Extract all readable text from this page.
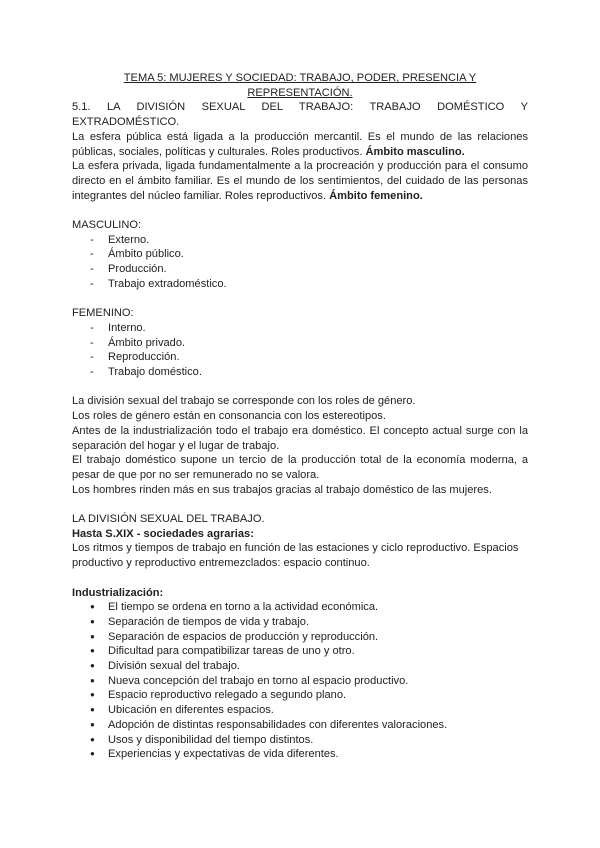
TEMA 5: MUJERES Y SOCIEDAD: TRABAJO, PODER, PRESENCIA Y

REPRESENTACIÓN.

5.1. LA DIVISIÓN SEXUAL DEL TRABAJO: TRABAJO DOMÉSTICO Y

EXTRADOMÉSTICO.

La esfera pública está ligada a la producción mercantil. Es el mundo de las relaciones públicas, sociales, políticas y culturales. Roles productivos. Ámbito masculino.

La esfera privada, ligada fundamentalmente a la procreación y producción para el consumo directo en el ámbito familiar. Es el mundo de los sentimientos, del cuidado de las personas integrantes del núcleo familiar. Roles reproductivos. Ámbito femenino.

MASCULINO:

- Externo.
- Ámbito público.
- Producción.
- Trabajo extradoméstico.

FEMENINO:

- Interno.
- Ámbito privado.
- Reproducción.
- Trabajo doméstico.

La división sexual del trabajo se corresponde con los roles de género.

Los roles de género están en consonancia con los estereotipos.

Antes de la industrialización todo el trabajo era doméstico. El concepto actual surge con la separación del hogar y el lugar de trabajo.

El trabajo doméstico supone un tercio de la producción total de la economía moderna, a pesar de que por no ser remunerado no se valora.

Los hombres rinden más en sus trabajos gracias al trabajo doméstico de las mujeres.

LA DIVISIÓN SEXUAL DEL TRABAJO.

Hasta S.XIX - sociedades agrarias:

Los ritmos y tiempos de trabajo en función de las estaciones y ciclo reproductivo. Espacios productivo y reproductivo entremezclados: espacio continuo.

Industrialización:

● El tiempo se ordena en torno a la actividad económica.
● Separación de tiempos de vida y trabajo.
● Separación de espacios de producción y reproducción.
● Dificultad para compatibilizar tareas de uno y otro.
● División sexual del trabajo.
● Nueva concepción del trabajo en torno al espacio productivo.
● Espacio reproductivo relegado a segundo plano.
● Ubicación en diferentes espacios.
● Adopción de distintas responsabilidades con diferentes valoraciones.
● Usos y disponibilidad del tiempo distintos.
● Experiencias y expectativas de vida diferentes.
